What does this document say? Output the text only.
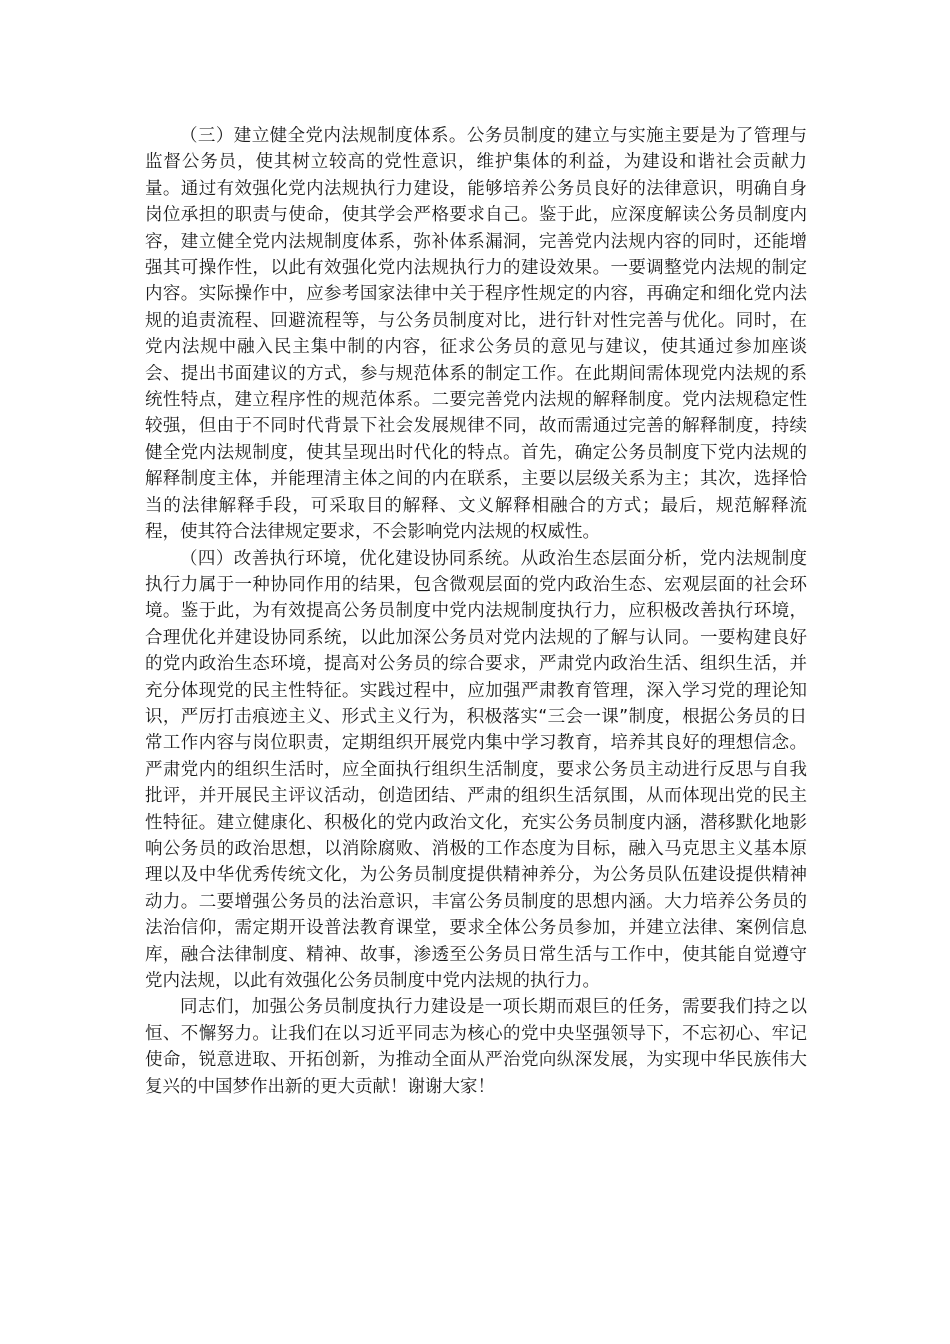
（三）建立健全党内法规制度体系。公务员制度的建立与实施主要是为了管理与监督公务员，使其树立较高的党性意识，维护集体的利益，为建设和谐社会贡献力量。通过有效强化党内法规执行力建设，能够培养公务员良好的法律意识，明确自身岗位承担的职责与使命，使其学会严格要求自己。鉴于此，应深度解读公务员制度内容，建立健全党内法规制度体系，弥补体系漏洞，完善党内法规内容的同时，还能增强其可操作性，以此有效强化党内法规执行力的建设效果。一要调整党内法规的制定内容。实际操作中，应参考国家法律中关于程序性规定的内容，再确定和细化党内法规的追责流程、回避流程等，与公务员制度对比，进行针对性完善与优化。同时，在党内法规中融入民主集中制的内容，征求公务员的意见与建议，使其通过参加座谈会、提出书面建议的方式，参与规范体系的制定工作。在此期间需体现党内法规的系统性特点，建立程序性的规范体系。二要完善党内法规的解释制度。党内法规稳定性较强，但由于不同时代背景下社会发展规律不同，故而需通过完善的解释制度，持续健全党内法规制度，使其呈现出时代化的特点。首先，确定公务员制度下党内法规的解释制度主体，并能理清主体之间的内在联系，主要以层级关系为主；其次，选择恰当的法律解释手段，可采取目的解释、文义解释相融合的方式；最后，规范解释流程，使其符合法律规定要求，不会影响党内法规的权威性。

（四）改善执行环境，优化建设协同系统。从政治生态层面分析，党内法规制度执行力属于一种协同作用的结果，包含微观层面的党内政治生态、宏观层面的社会环境。鉴于此，为有效提高公务员制度中党内法规制度执行力，应积极改善执行环境，合理优化并建设协同系统，以此加深公务员对党内法规的了解与认同。一要构建良好的党内政治生态环境，提高对公务员的综合要求，严肃党内政治生活、组织生活，并充分体现党的民主性特征。实践过程中，应加强严肃教育管理，深入学习党的理论知识，严厉打击痕迹主义、形式主义行为，积极落实“三会一课”制度，根据公务员的日常工作内容与岗位职责，定期组织开展党内集中学习教育，培养其良好的理想信念。严肃党内的组织生活时，应全面执行组织生活制度，要求公务员主动进行反思与自我批评，并开展民主评议活动，创造团结、严肃的组织生活氛围，从而体现出党的民主性特征。建立健康化、积极化的党内政治文化，充实公务员制度内涵，潜移默化地影响公务员的政治思想，以消除腐败、消极的工作态度为目标，融入马克思主义基本原理以及中华优秀传统文化，为公务员制度提供精神养分，为公务员队伍建设提供精神动力。二要增强公务员的法治意识，丰富公务员制度的思想内涵。大力培养公务员的法治信仰，需定期开设普法教育课堂，要求全体公务员参加，并建立法律、案例信息库，融合法律制度、精神、故事，渗透至公务员日常生活与工作中，使其能自觉遵守党内法规，以此有效强化公务员制度中党内法规的执行力。

同志们，加强公务员制度执行力建设是一项长期而艰巨的任务，需要我们持之以恒、不懈努力。让我们在以习近平同志为核心的党中央坚强领导下，不忘初心、牢记使命，锐意进取、开拓创新，为推动全面从严治党向纵深发展，为实现中华民族伟大复兴的中国梦作出新的更大贡献！谢谢大家！
